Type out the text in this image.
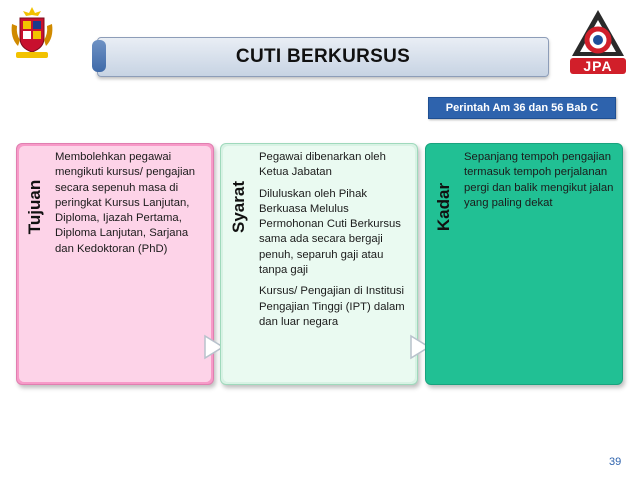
JPA
CUTI BERKURSUS
Perintah Am 36 dan 56 Bab C
Tujuan

Membolehkan pegawai mengikuti kursus/ pengajian secara sepenuh masa di peringkat Kursus Lanjutan, Diploma, Ijazah Pertama, Diploma Lanjutan, Sarjana dan Kedoktoran (PhD)

Syarat

Pegawai dibenarkan oleh Ketua Jabatan

Diluluskan oleh Pihak Berkuasa Melulus Permohonan Cuti Berkursus sama ada secara bergaji penuh, separuh gaji atau tanpa gaji

Kursus/ Pengajian di Institusi Pengajian Tinggi (IPT) dalam dan luar negara

Kadar

Sepanjang tempoh pengajian termasuk tempoh perjalanan pergi dan balik mengikut jalan yang paling dekat

39
